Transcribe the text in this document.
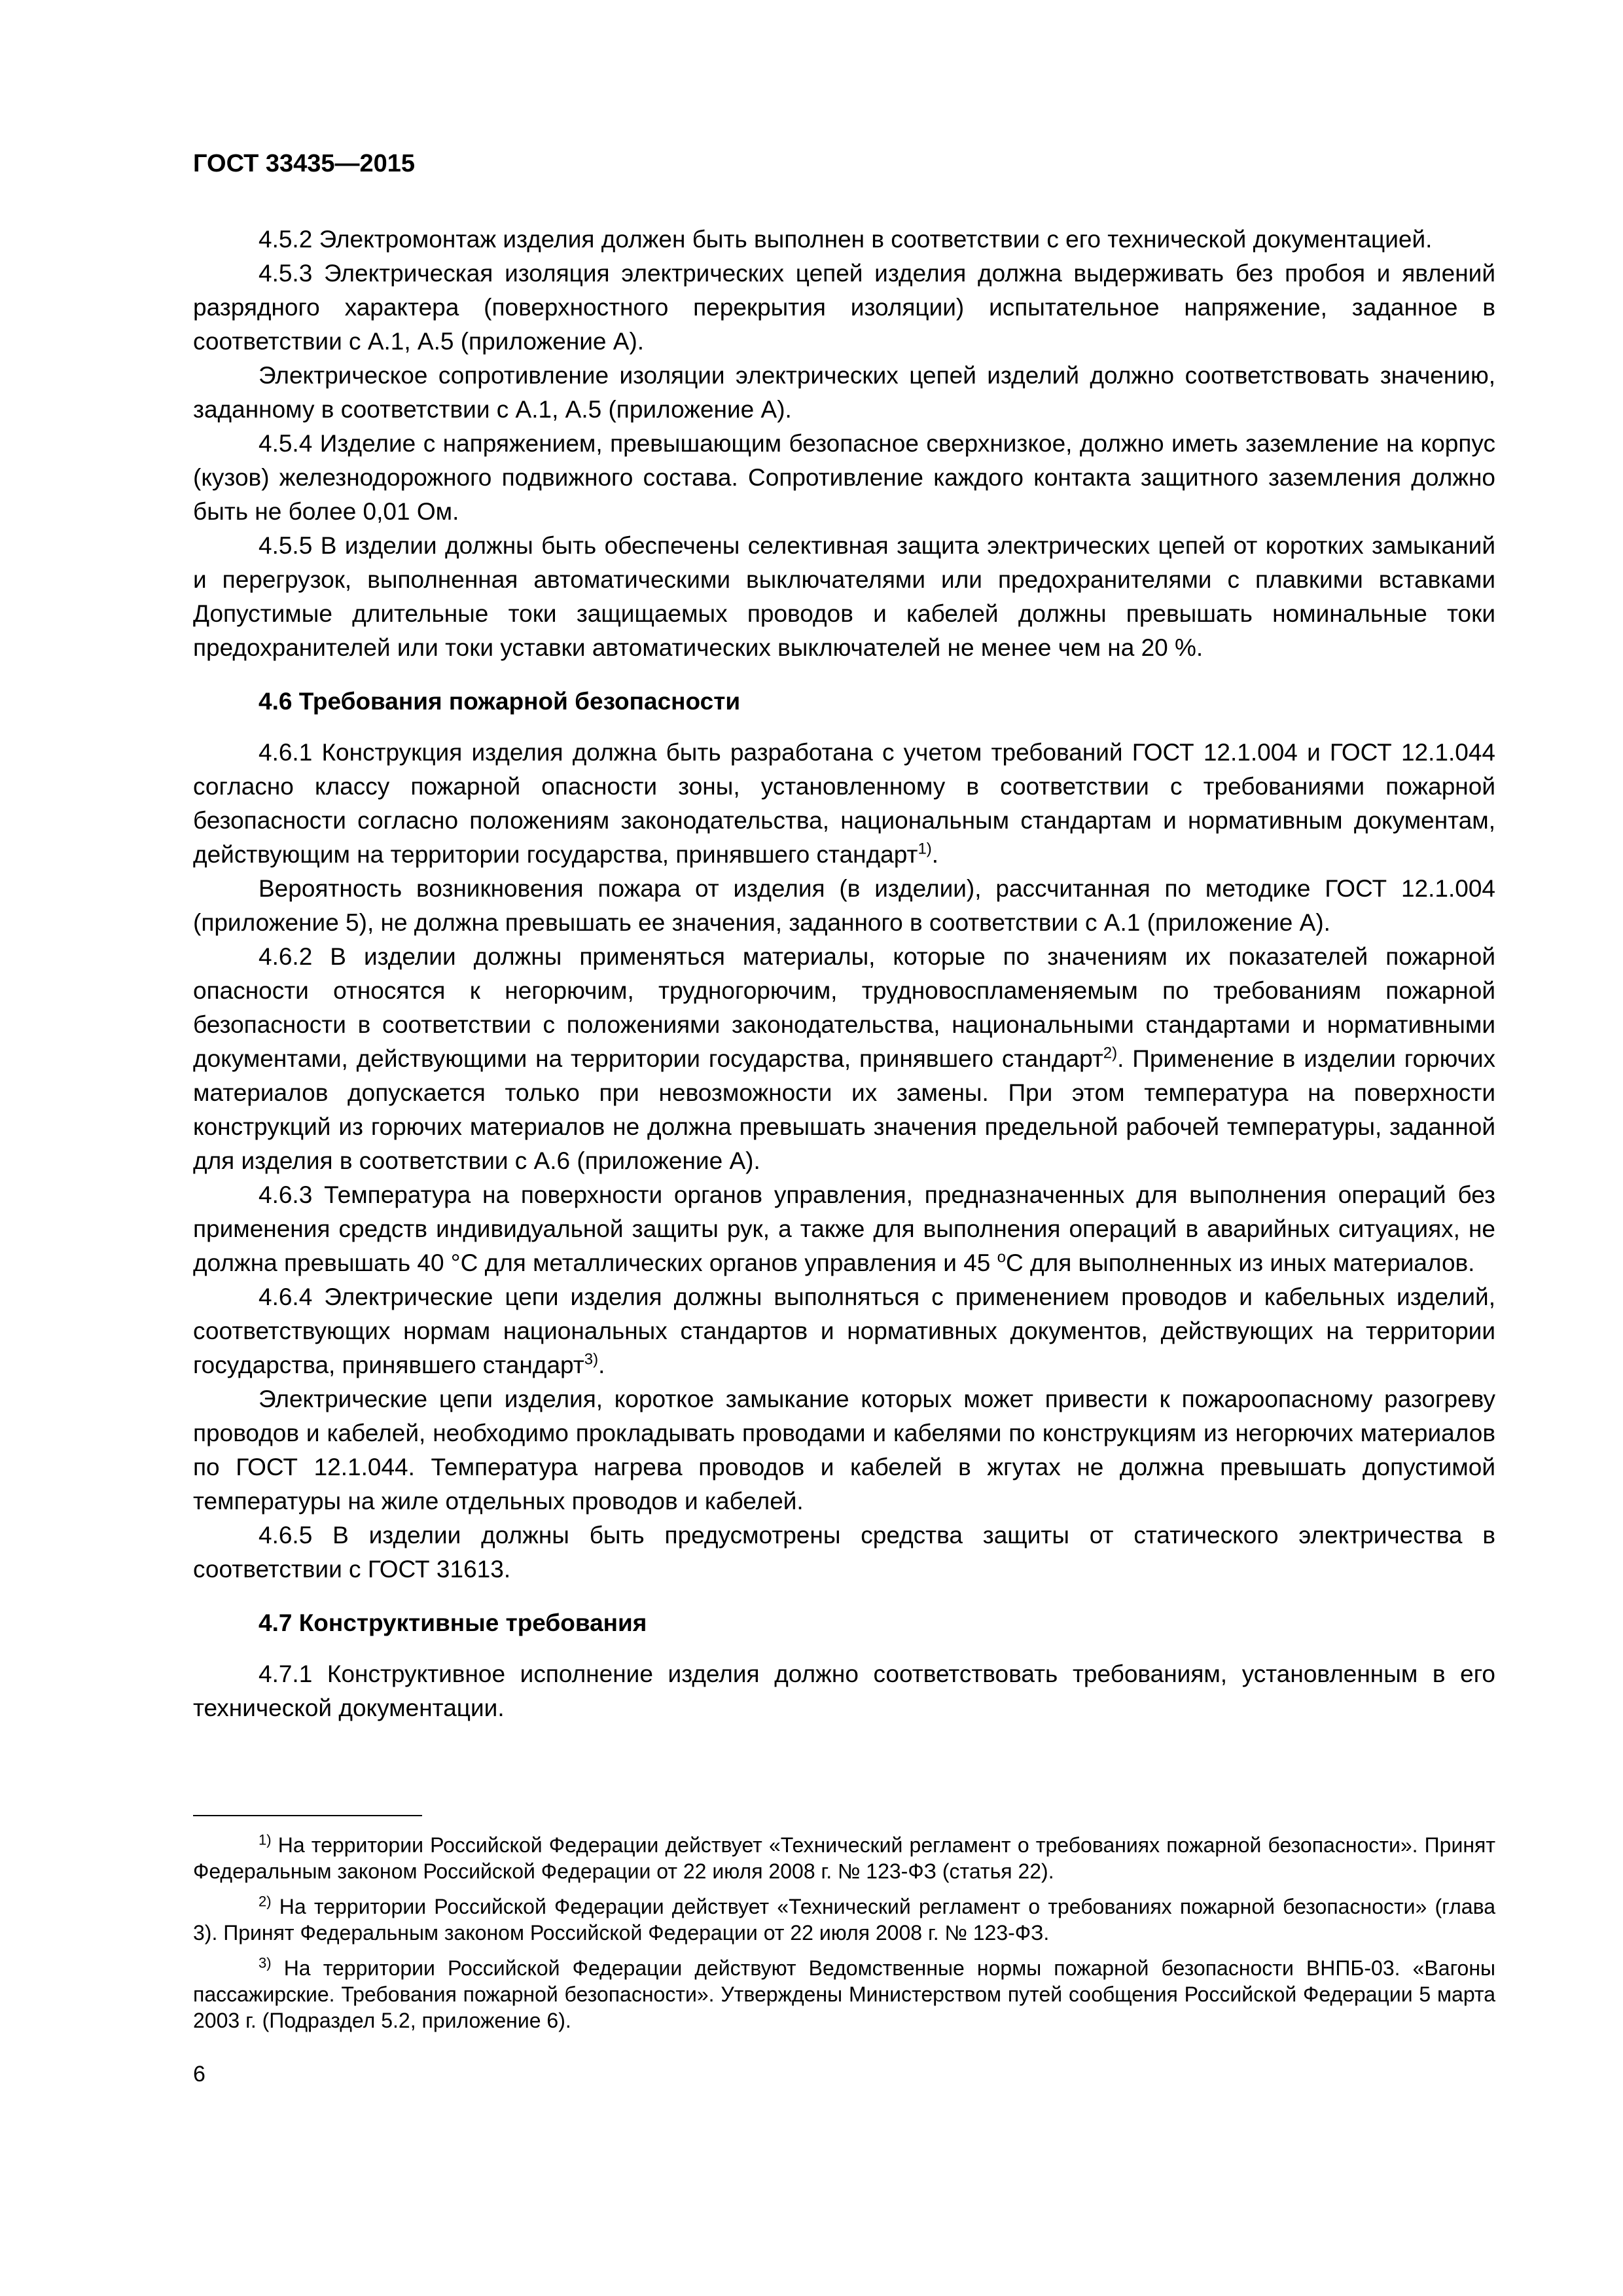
ГОСТ 33435—2015

4.5.2 Электромонтаж изделия должен быть выполнен в соответствии с его технической документацией.

4.5.3 Электрическая изоляция электрических цепей изделия должна выдерживать без пробоя и явлений разрядного характера (поверхностного перекрытия изоляции) испытательное напряжение, заданное в соответствии с А.1, А.5 (приложение А).

Электрическое сопротивление изоляции электрических цепей изделий должно соответствовать значению, заданному в соответствии с А.1, А.5 (приложение А).

4.5.4 Изделие с напряжением, превышающим безопасное сверхнизкое, должно иметь заземление на корпус (кузов) железнодорожного подвижного состава. Сопротивление каждого контакта защитного заземления должно быть не более 0,01 Ом.

4.5.5 В изделии должны быть обеспечены селективная защита электрических цепей от коротких замыканий и перегрузок, выполненная автоматическими выключателями или предохранителями с плавкими вставками Допустимые длительные токи защищаемых проводов и кабелей должны превышать номинальные токи предохранителей или токи уставки автоматических выключателей не менее чем на 20 %.

4.6 Требования пожарной безопасности

4.6.1 Конструкция изделия должна быть разработана с учетом требований ГОСТ 12.1.004 и ГОСТ 12.1.044 согласно классу пожарной опасности зоны, установленному в соответствии с требованиями пожарной безопасности согласно положениям законодательства, национальным стандартам и нормативным документам, действующим на территории государства, принявшего стандарт$^{1)}$.

Вероятность возникновения пожара от изделия (в изделии), рассчитанная по методике ГОСТ 12.1.004 (приложение 5), не должна превышать ее значения, заданного в соответствии с А.1 (приложение А).

4.6.2 В изделии должны применяться материалы, которые по значениям их показателей пожарной опасности относятся к негорючим, трудногорючим, трудновоспламеняемым по требованиям пожарной безопасности в соответствии с положениями законодательства, национальными стандартами и нормативными документами, действующими на территории государства, принявшего стандарт$^{2)}$. Применение в изделии горючих материалов допускается только при невозможности их замены. При этом температура на поверхности конструкций из горючих материалов не должна превышать значения предельной рабочей температуры, заданной для изделия в соответствии с А.6 (приложение А).

4.6.3 Температура на поверхности органов управления, предназначенных для выполнения операций без применения средств индивидуальной защиты рук, а также для выполнения операций в аварийных ситуациях, не должна превышать 40 °С для металлических органов управления и 45 $^о$С для выполненных из иных материалов.

4.6.4 Электрические цепи изделия должны выполняться с применением проводов и кабельных изделий, соответствующих нормам национальных стандартов и нормативных документов, действующих на территории государства, принявшего стандарт$^{3)}$.

Электрические цепи изделия, короткое замыкание которых может привести к пожароопасному разогреву проводов и кабелей, необходимо прокладывать проводами и кабелями по конструкциям из негорючих материалов по ГОСТ 12.1.044. Температура нагрева проводов и кабелей в жгутах не должна превышать допустимой температуры на жиле отдельных проводов и кабелей.

4.6.5 В изделии должны быть предусмотрены средства защиты от статического электричества в соответствии с ГОСТ 31613.

4.7 Конструктивные требования

4.7.1 Конструктивное исполнение изделия должно соответствовать требованиям, установленным в его технической документации.

$^{1)}$ На территории Российской Федерации действует «Технический регламент о требованиях пожарной безопасности». Принят Федеральным законом Российской Федерации от 22 июля 2008 г. № 123-ФЗ (статья 22).

$^{2)}$ На территории Российской Федерации действует «Технический регламент о требованиях пожарной безопасности» (глава 3). Принят Федеральным законом Российской Федерации от 22 июля 2008 г. № 123-ФЗ.

$^{3)}$ На территории Российской Федерации действуют Ведомственные нормы пожарной безопасности ВНПБ-03. «Вагоны пассажирские. Требования пожарной безопасности». Утверждены Министерством путей сообщения Российской Федерации 5 марта 2003 г. (Подраздел 5.2, приложение 6).

6
